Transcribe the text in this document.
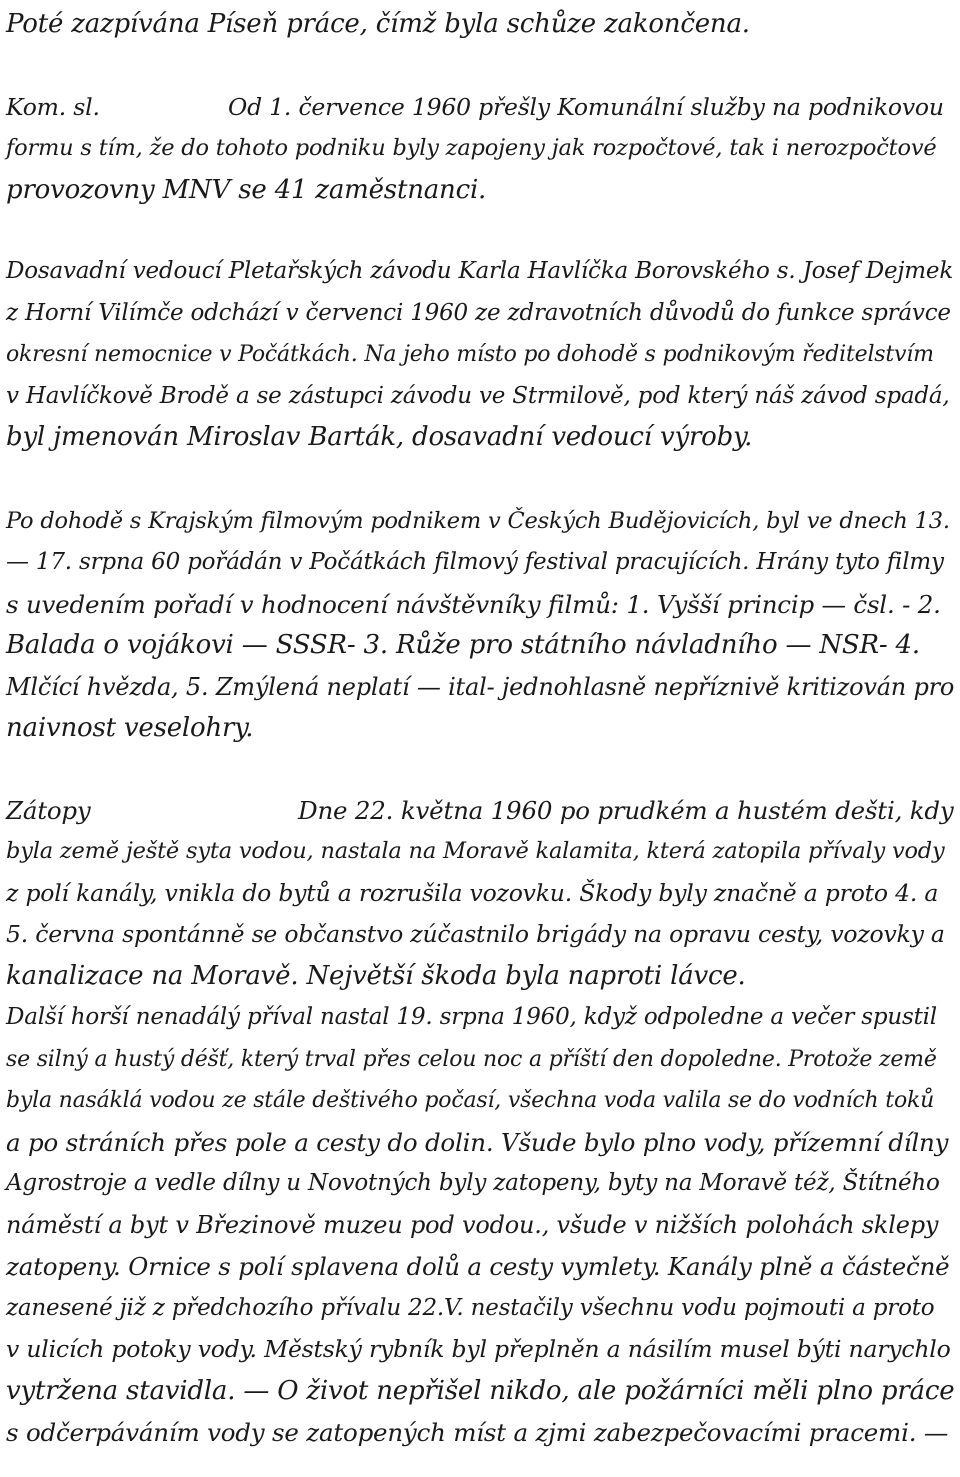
Poté zazpívána Píseň práce, čímž byla schůze zakončena.

Kom. sl.	Od 1. července 1960 přešly Komunální služby na podnikovou
formu s tím, že do tohoto podniku byly zapojeny jak rozpočtové, tak i nerozpočtové
provozovny MNV se 41 zaměstnanci.

Dosavadní vedoucí Pletařských závodu Karla Havlíčka Borovského s. Josef Dejmek
z Horní Vilímče odchází v červenci 1960 ze zdravotních důvodů do funkce správce
okresní nemocnice v Počátkách. Na jeho místo po dohodě s podnikovým ředitelstvím
v Havlíčkově Brodě a se zástupci závodu ve Strmilově, pod který náš závod spadá,
byl jmenován Miroslav Barták, dosavadní vedoucí výroby.

Po dohodě s Krajským filmovým podnikem v Českých Budějovicích, byl ve dnech 13.
— 17. srpna 60 pořádán v Počátkách filmový festival pracujících. Hrány tyto filmy
s uvedením pořadí v hodnocení návštěvníky filmů: 1. Vyšší princip — čsl. - 2.
Balada o vojákovi — SSSR- 3. Růže pro státního návladního — NSR- 4.
Mlčící hvězda, 5. Zmýlená neplatí — ital- jednohlasně nepříznivě kritizován pro
naivnost veselohry.

Zátopy	Dne 22. května 1960 po prudkém a hustém dešti, kdy
byla země ještě syta vodou, nastala na Moravě kalamita, která zatopila přívaly vody
z polí kanály, vnikla do bytů a rozrušila vozovku. Škody byly značně a proto 4. a
5. června spontánně se občanstvo zúčastnilo brigády na opravu cesty, vozovky a
kanalizace na Moravě. Největší škoda byla naproti lávce.

Další horší nenadálý příval nastal 19. srpna 1960, když odpoledne a večer spustil
se silný a hustý déšť, který trval přes celou noc a příští den dopoledne. Protože země
byla nasáklá vodou ze stále deštivého počasí, všechna voda valila se do vodních toků
a po stráních přes pole a cesty do dolin. Všude bylo plno vody, přízemní dílny
Agrostroje a vedle dílny u Novotných byly zatopeny, byty na Moravě též, Štítného
náměstí a byt v Březinově muzeu pod vodou., všude v nižších polohách sklepy
zatopeny. Ornice s polí splavena dolů a cesty vymlety. Kanály plně a částečně
zanesené již z předchozího přívalu 22.V. nestačily všechnu vodu pojmouti a proto
v ulicích potoky vody. Městský rybník byl přeplněn a násilím musel býti narychlo
vytržena stavidla. — O život nepřišel nikdo, ale požárníci měli plno práce
s odčerpáváním vody se zatopených míst a zjmi zabezpečovacími pracemi. —
